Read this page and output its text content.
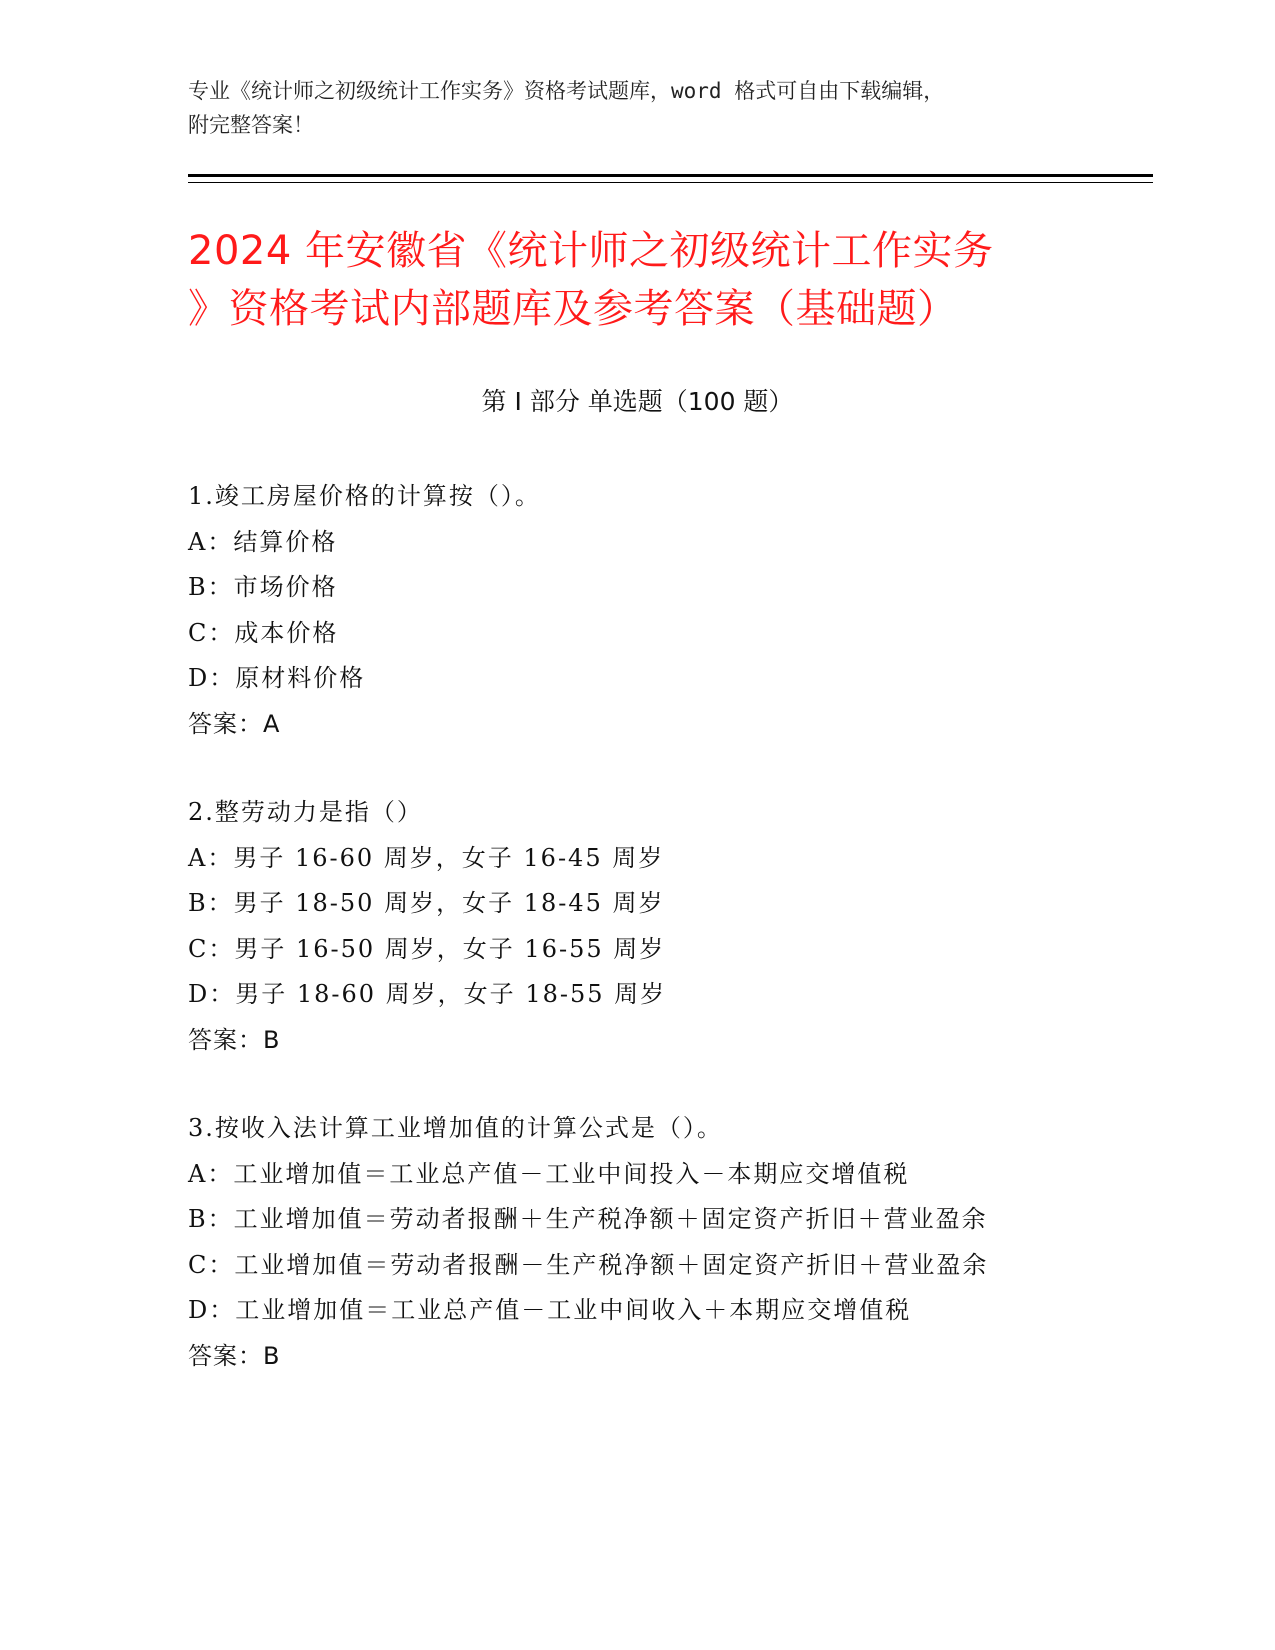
专业《统计师之初级统计工作实务》资格考试题库，word 格式可自由下载编辑，
附完整答案！
2024 年安徽省《统计师之初级统计工作实务
》资格考试内部题库及参考答案（基础题）
第 I 部分 单选题（100 题）
1.竣工房屋价格的计算按（）。
A：结算价格
B：市场价格
C：成本价格
D：原材料价格
答案：A
2.整劳动力是指（）
A：男子 16-60 周岁，女子 16-45 周岁
B：男子 18-50 周岁，女子 18-45 周岁
C：男子 16-50 周岁，女子 16-55 周岁
D：男子 18-60 周岁，女子 18-55 周岁
答案：B
3.按收入法计算工业增加值的计算公式是（）。
A：工业增加值＝工业总产值－工业中间投入－本期应交增值税
B：工业增加值＝劳动者报酬＋生产税净额＋固定资产折旧＋营业盈余
C：工业增加值＝劳动者报酬－生产税净额＋固定资产折旧＋营业盈余
D：工业增加值＝工业总产值－工业中间收入＋本期应交增值税
答案：B
